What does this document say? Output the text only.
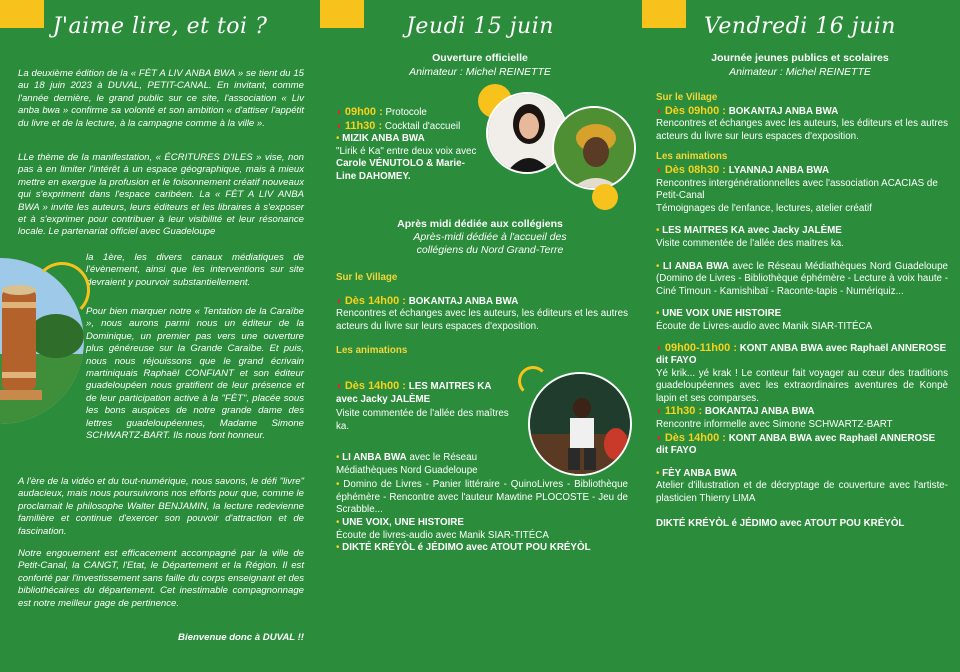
J'aime lire, et toi ?
La deuxième édition de la « FÈT A LIV ANBA BWA » se tient du 15 au 18 juin 2023 à DUVAL, PETIT-CANAL. En invitant, comme l'année dernière, le grand public sur ce site, l'association « Liv anba bwa » confirme sa volonté et son ambition « d'attiser l'appétit du livre et de la lecture, à la campagne comme à la ville ».
LLe thème de la manifestation, « ÉCRITURES D'ILES » vise, non pas à en limiter l'intérêt à un espace géographique, mais à mieux mettre en exergue la profusion et le foisonnement créatif nouveaux qui s'expriment dans l'espace caribéen. La « FÈT A LIV ANBA BWA » invite les auteurs, leurs éditeurs et les libraires à s'exposer et à s'exprimer pour contribuer à leur visibilité et leur résonance locale. Le partenariat officiel avec Guadeloupe
la 1ère, les divers canaux médiatiques de l'évènement, ainsi que les interventions sur site devraient y pourvoir substantiellement.
Pour bien marquer notre « Tentation de la Caraïbe », nous aurons parmi nous un éditeur de la Dominique, un premier pas vers une ouverture plus généreuse sur la Grande Caraïbe. Et puis, nous nous réjouissons que le grand écrivain martiniquais Raphaël CONFIANT et son éditeur guadeloupéen nous gratifient de leur présence et de leur participation active à la "FÈT", placée sous les bons auspices de notre grande dame des lettres guadeloupéennes, Madame Simone SCHWARTZ-BART. Ils nous font honneur.
A l'ère de la vidéo et du tout-numérique, nous savons, le défi "livre" audacieux, mais nous poursuivrons nos efforts pour que, comme le proclamait le philosophe Walter BENJAMIN, la lecture redevienne familière et continue d'exercer son pouvoir d'attraction et de fascination.
Notre engouement est efficacement accompagné par la ville de Petit-Canal, la CANGT, l'Etat, le Département et la Région. Il est conforté par l'investissement sans faille du corps enseignant et des bibliothécaires du département. Cet inestimable compagnonnage est notre meilleur gage de pertinence.
Bienvenue donc à DUVAL !!
Jeudi 15 juin
Ouverture officielle
Animateur : Michel REINETTE
◗ 09h00 : Protocole
◗ 11h30 : Cocktail d'accueil
• MIZIK ANBA BWA
"Lirik é Ka" entre deux voix avec
Carole VÉNUTOLO & Marie-Line DAHOMEY.
Après midi dédiée aux collégiens
Après-midi dédiée à l'accueil des collégiens du Nord Grand-Terre
Sur le Village
◗ Dès 14h00 : BOKANTAJ ANBA BWA
Rencontres et échanges avec les auteurs, les éditeurs et les autres acteurs du livre sur leurs espaces d'exposition.
Les animations
◗ Dès 14h00 : LES MAITRES KA
avec Jacky JALÈME
Visite commentée de l'allée des maîtres ka.
• LI ANBA BWA avec le Réseau Médiathèques Nord Guadeloupe
• Domino de Livres - Panier littéraire - QuinoLivres - Bibliothèque éphémère - Rencontre avec l'auteur Mawtine PLOCOSTE - Jeu de Scrabble...
• UNE VOIX, UNE HISTOIRE
Écoute de livres-audio avec Manik SIAR-TITÉCA
• DIKTÉ KRÉYÒL é JÉDIMO avec ATOUT POU KRÉYÒL
Vendredi 16 juin
Journée jeunes publics et scolaires
Animateur : Michel REINETTE
Sur le Village
◗ Dès 09h00 : BOKANTAJ ANBA BWA
Rencontres et échanges avec les auteurs, les éditeurs et les autres acteurs du livre sur leurs espaces d'exposition.
Les animations
◗ Dès 08h30 : LYANNAJ ANBA BWA
Rencontres intergénérationnelles avec l'association ACACIAS de Petit-Canal
Témoignages de l'enfance, lectures, atelier créatif
• LES MAITRES KA avec Jacky JALÈME
Visite commentée de l'allée des maitres ka.
• LI ANBA BWA avec le Réseau Médiathèques Nord Guadeloupe (Domino de Livres - Bibliothèque éphémère - Lecture à voix haute - Ciné Timoun - Kamishibaï - Raconte-tapis - Numériquiz...
• UNE VOIX UNE HISTOIRE
Écoute de Livres-audio avec Manik SIAR-TITÉCA
◗ 09h00-11h00 : KONT ANBA BWA avec Raphaël ANNEROSE dit FAYO
Yé krik... yé krak ! Le conteur fait voyager au cœur des traditions guadeloupéennes avec les extraordinaires aventures de Konpè lapin et ses comparses.
◗ 11h30 : BOKANTAJ ANBA BWA
Rencontre informelle avec Simone SCHWARTZ-BART
◗ Dès 14h00 : KONT ANBA BWA avec Raphaël ANNEROSE dit FAYO
• FÈY ANBA BWA
Atelier d'illustration et de décryptage de couverture avec l'artiste-plasticien Thierry LIMA
DIKTÉ KRÉYÒL é JÉDIMO avec ATOUT POU KRÉYÒL
